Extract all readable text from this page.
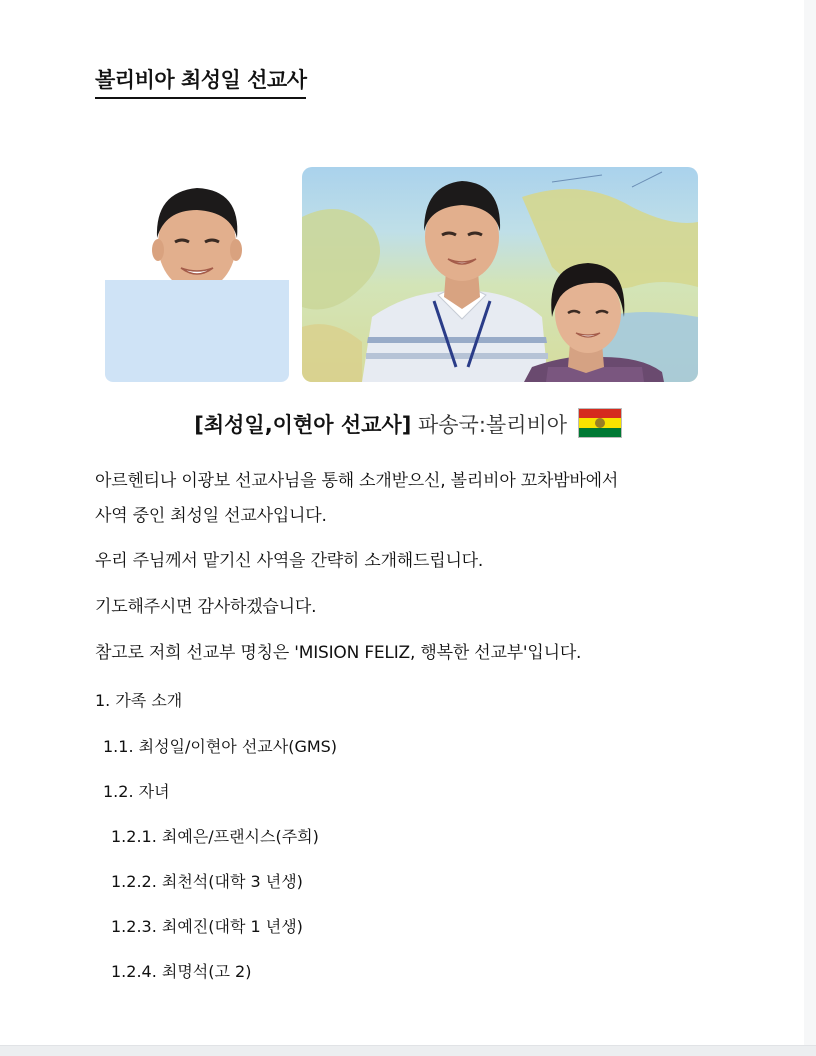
볼리비아 최성일 선교사
[최성일,이현아 선교사] 파송국:볼리비아
아르헨티나 이광보 선교사님을 통해 소개받으신, 볼리비아 꼬차밤바에서
사역 중인 최성일 선교사입니다.
우리 주님께서 맡기신 사역을 간략히 소개해드립니다.
기도해주시면 감사하겠습니다.
참고로 저희 선교부 명칭은 'MISION FELIZ, 행복한 선교부'입니다.
1. 가족 소개
1.1. 최성일/이현아 선교사(GMS)
1.2. 자녀
1.2.1. 최예은/프랜시스(주희)
1.2.2. 최천석(대학 3 년생)
1.2.3. 최예진(대학 1 년생)
1.2.4. 최명석(고 2)
